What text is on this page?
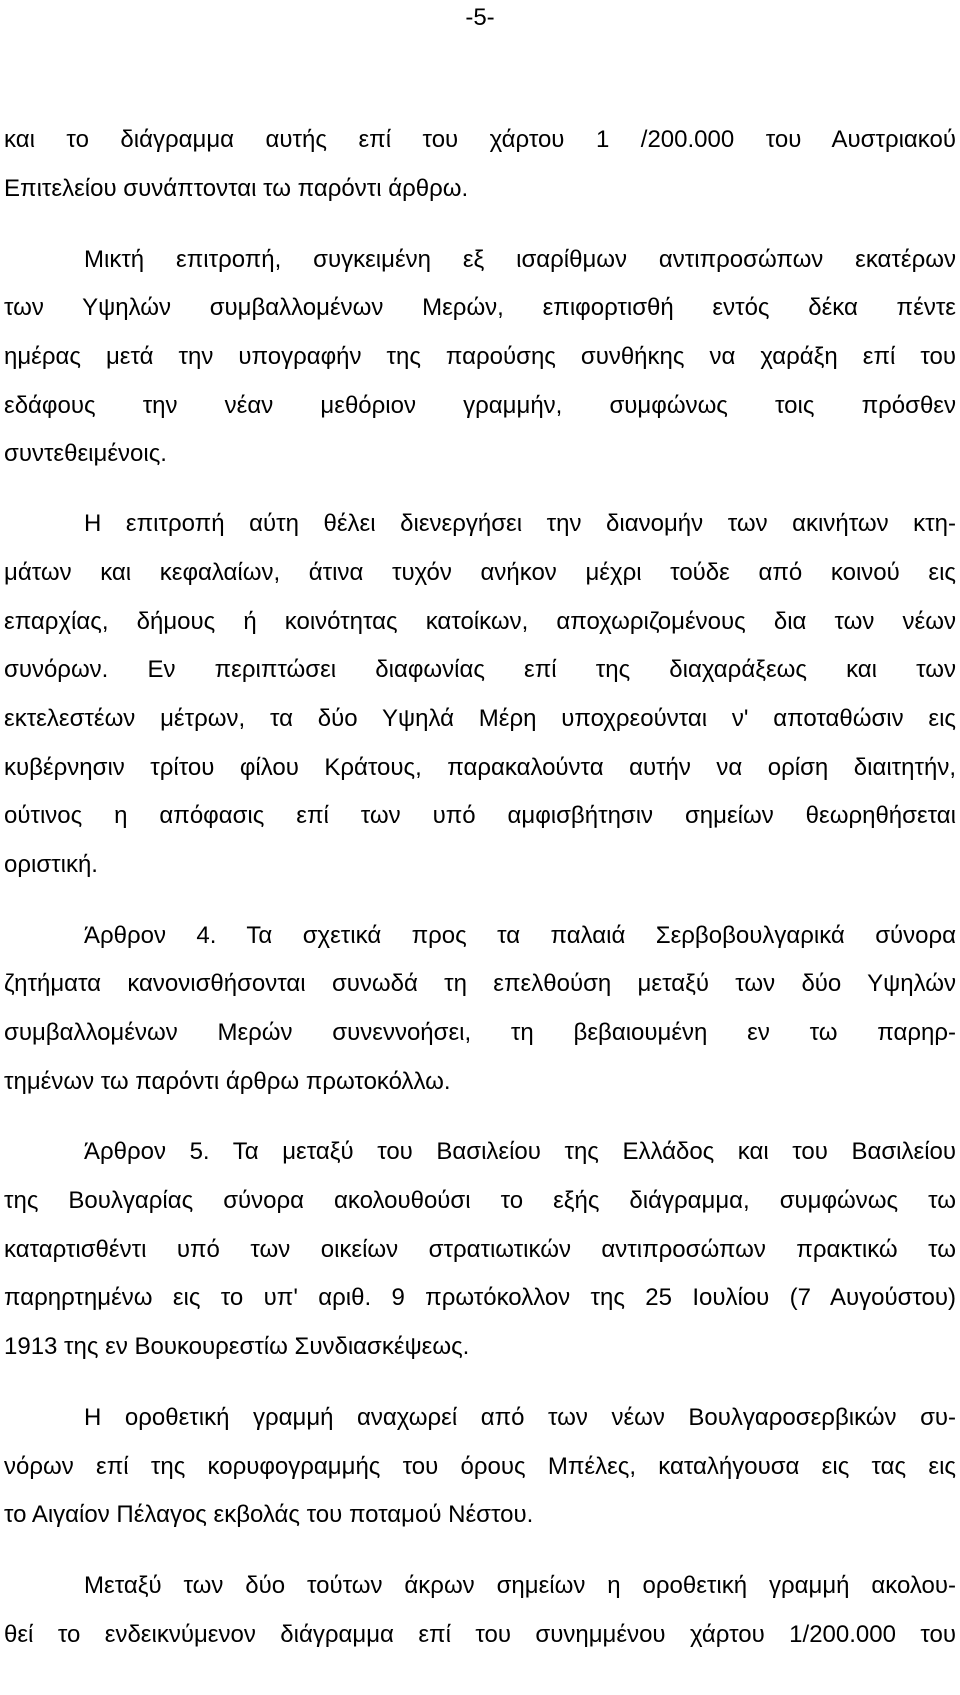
-5-
και το διάγραμμα αυτής επί του χάρτου 1 /200.000 του Αυστριακού
Επιτελείου συνάπτονται τω παρόντι άρθρω.
Μικτή επιτροπή, συγκειμένη εξ ισαρίθμων αντιπροσώπων εκατέρων
των Υψηλών συμβαλλομένων Μερών, επιφορτισθή εντός δέκα πέντε
ημέρας μετά την υπογραφήν της παρούσης συνθήκης να χαράξη επί του
εδάφους την νέαν μεθόριον γραμμήν, συμφώνως τοις πρόσθεν
συντεθειμένοις.
Η επιτροπή αύτη θέλει διενεργήσει την διανομήν των ακινήτων κτη-
μάτων και κεφαλαίων, άτινα τυχόν ανήκον μέχρι τούδε από κοινού εις
επαρχίας, δήμους ή κοινότητας κατοίκων, αποχωριζομένους δια των νέων
συνόρων. Εν περιπτώσει διαφωνίας επί της διαχαράξεως και των
εκτελεστέων μέτρων, τα δύο Υψηλά Μέρη υποχρεούνται ν' αποταθώσιν εις
κυβέρνησιν τρίτου φίλου Κράτους, παρακαλούντα αυτήν να ορίση διαιτητήν,
ούτινος η απόφασις επί των υπό αμφισβήτησιν σημείων θεωρηθήσεται
οριστική.
Άρθρον 4. Τα σχετικά προς τα παλαιά Σερβοβουλγαρικά σύνορα
ζητήματα κανονισθήσονται συνωδά τη επελθούση μεταξύ των δύο Υψηλών
συμβαλλομένων Μερών συνεννοήσει, τη βεβαιουμένη εν τω παρηρ-
τημένων τω παρόντι άρθρω πρωτοκόλλω.
Άρθρον 5. Τα μεταξύ του Βασιλείου της Ελλάδος και του Βασιλείου
της Βουλγαρίας σύνορα ακολουθούσι το εξής διάγραμμα, συμφώνως τω
καταρτισθέντι υπό των οικείων στρατιωτικών αντιπροσώπων πρακτικώ τω
παρηρτημένω εις το υπ' αριθ. 9 πρωτόκολλον της 25 Ιουλίου (7 Αυγούστου)
1913 της εν Βουκουρεστίω Συνδιασκέψεως.
Η οροθετική γραμμή αναχωρεί από των νέων Βουλγαροσερβικών συ-
νόρων επί της κορυφογραμμής του όρους Μπέλες, καταλήγουσα εις τας εις
το Αιγαίον Πέλαγος εκβολάς του ποταμού Νέστου.
Μεταξύ των δύο τούτων άκρων σημείων η οροθετική γραμμή ακολου-
θεί το ενδεικνύμενον διάγραμμα επί του συνημμένου χάρτου 1/200.000 του
